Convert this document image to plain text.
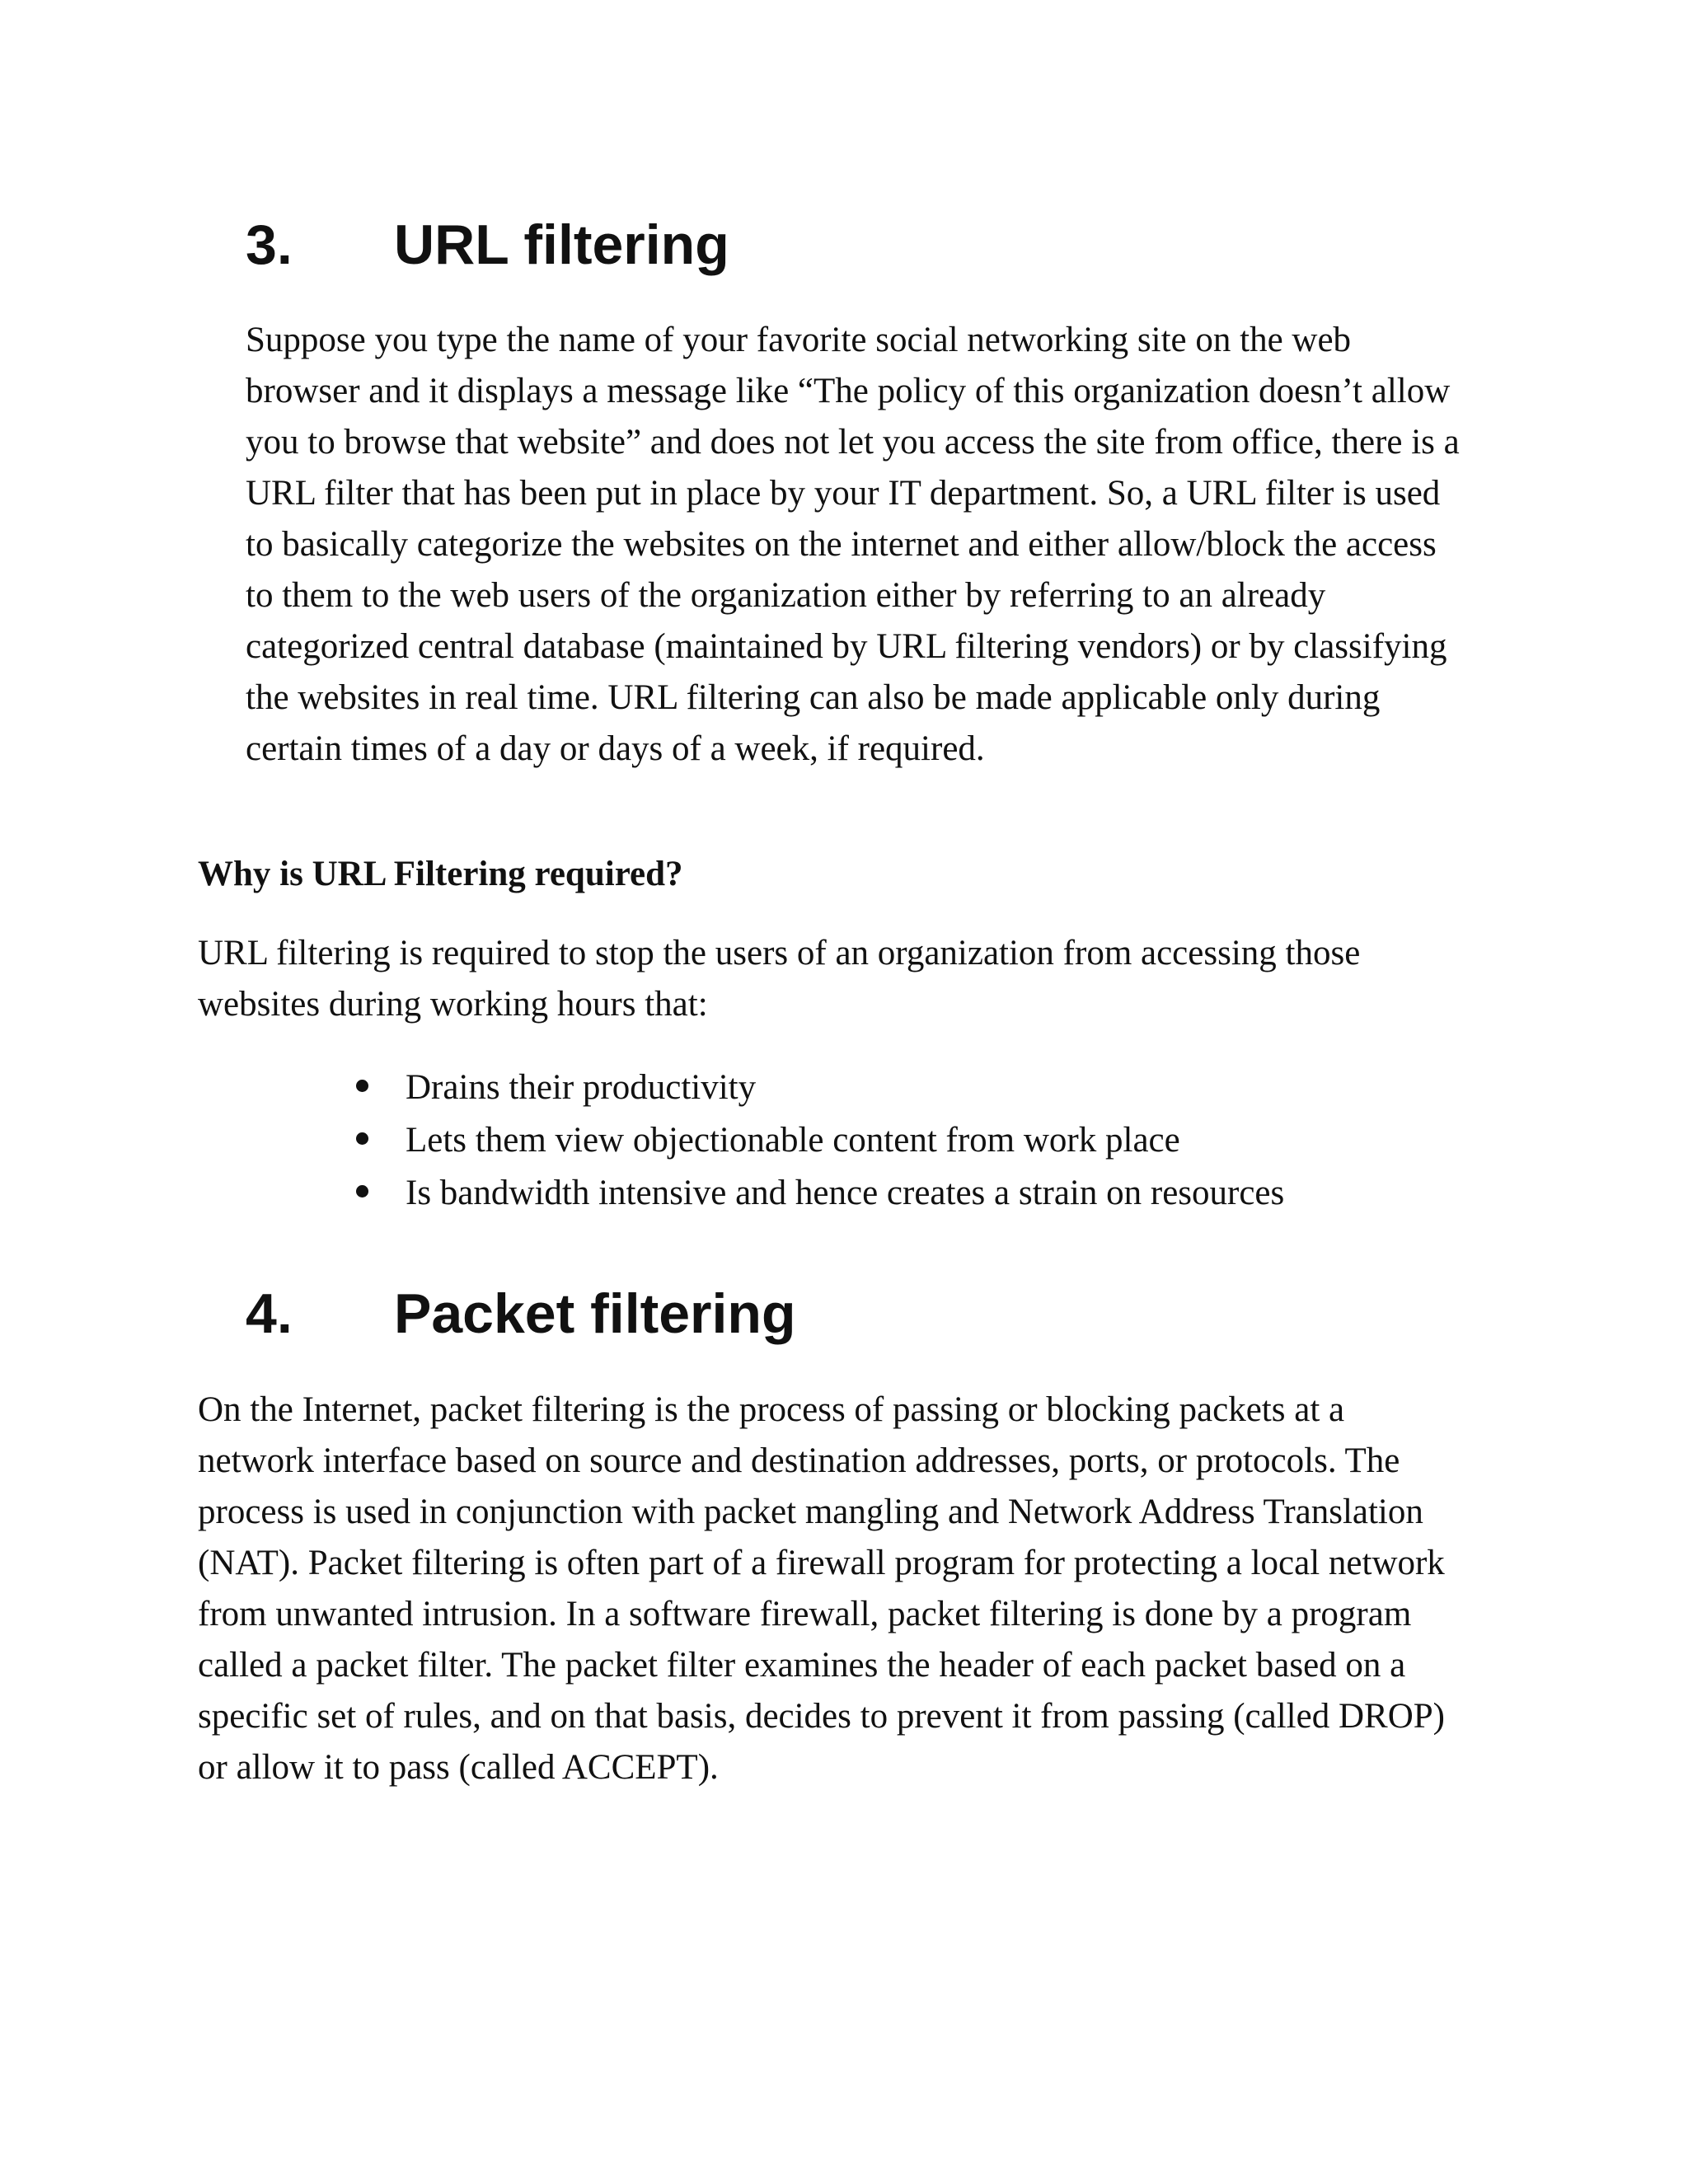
3. URL filtering

Suppose you type the name of your favorite social networking site on the web browser and it displays a message like “The policy of this organization doesn’t allow you to browse that website” and does not let you access the site from office, there is a URL filter that has been put in place by your IT department. So, a URL filter is used to basically categorize the websites on the internet and either allow/block the access to them to the web users of the organization either by referring to an already categorized central database (maintained by URL filtering vendors) or by classifying the websites in real time. URL filtering can also be made applicable only during certain times of a day or days of a week, if required.

Why is URL Filtering required?

URL filtering is required to stop the users of an organization from accessing those websites during working hours that:

Drains their productivity
Lets them view objectionable content from work place
Is bandwidth intensive and hence creates a strain on resources
4. Packet filtering

On the Internet, packet filtering is the process of passing or blocking packets at a network interface based on source and destination addresses, ports, or protocols. The process is used in conjunction with packet mangling and Network Address Translation (NAT). Packet filtering is often part of a firewall program for protecting a local network from unwanted intrusion. In a software firewall, packet filtering is done by a program called a packet filter. The packet filter examines the header of each packet based on a specific set of rules, and on that basis, decides to prevent it from passing (called DROP) or allow it to pass (called ACCEPT).
